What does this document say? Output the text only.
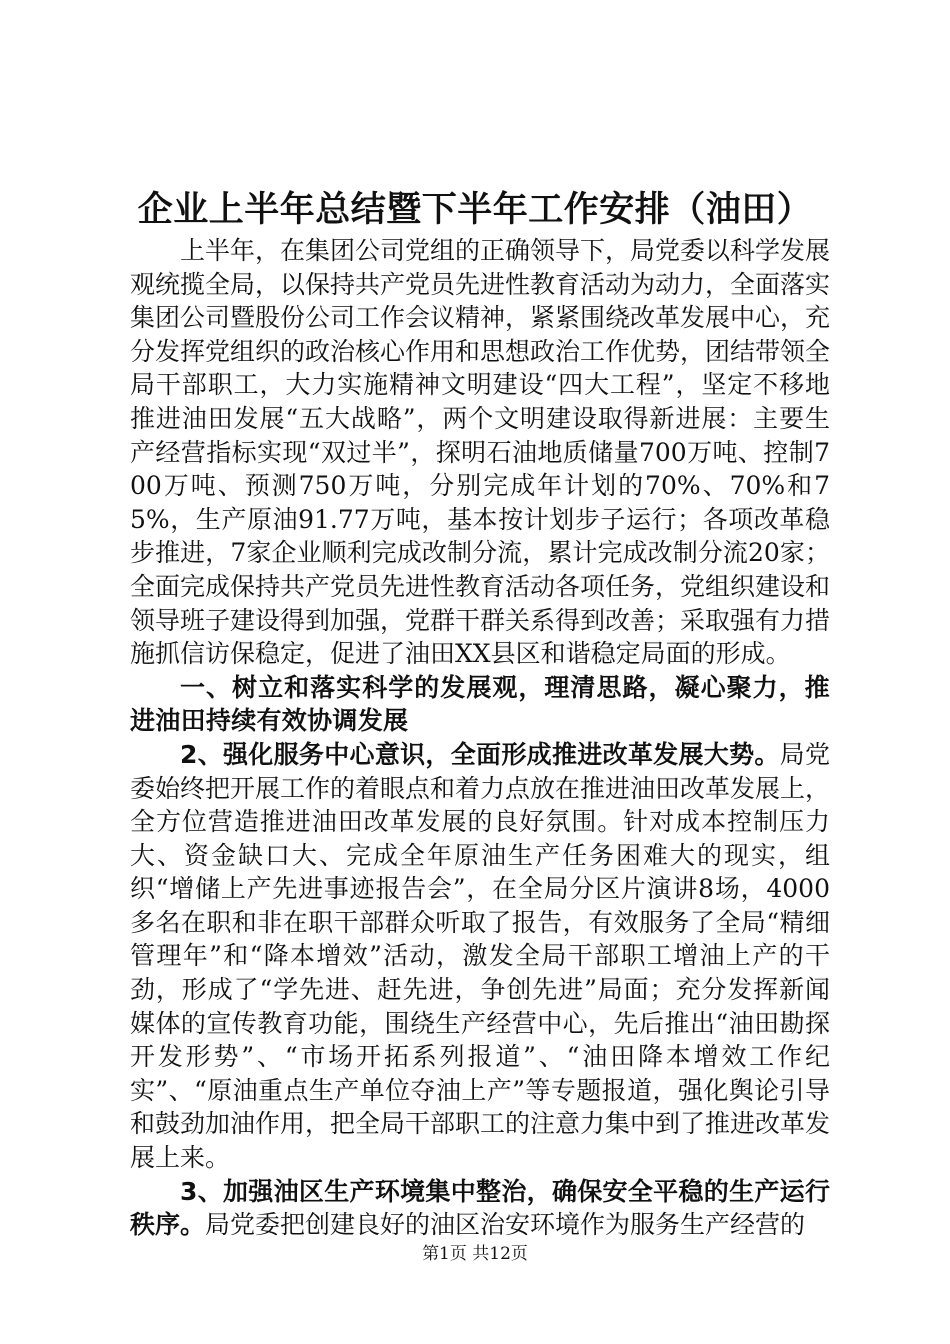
企业上半年总结暨下半年工作安排（油田）

上半年，在集团公司党组的正确领导下，局党委以科学发展观统揽全局，以保持共产党员先进性教育活动为动力，全面落实集团公司暨股份公司工作会议精神，紧紧围绕改革发展中心，充分发挥党组织的政治核心作用和思想政治工作优势，团结带领全局干部职工，大力实施精神文明建设“四大工程”，坚定不移地推进油田发展“五大战略”，两个文明建设取得新进展：主要生产经营指标实现“双过半”，探明石油地质储量700万吨、控制700万吨、预测750万吨，分别完成年计划的70%、70%和75%，生产原油91.77万吨，基本按计划步子运行；各项改革稳步推进，7家企业顺利完成改制分流，累计完成改制分流20家；全面完成保持共产党员先进性教育活动各项任务，党组织建设和领导班子建设得到加强，党群干群关系得到改善；采取强有力措施抓信访保稳定，促进了油田XX县区和谐稳定局面的形成。

一、树立和落实科学的发展观，理清思路，凝心聚力，推进油田持续有效协调发展

2、强化服务中心意识，全面形成推进改革发展大势。局党委始终把开展工作的着眼点和着力点放在推进油田改革发展上，全方位营造推进油田改革发展的良好氛围。针对成本控制压力大、资金缺口大、完成全年原油生产任务困难大的现实，组织“增储上产先进事迹报告会”，在全局分区片演讲8场，4000多名在职和非在职干部群众听取了报告，有效服务了全局“精细管理年”和“降本增效”活动，激发全局干部职工增油上产的干劲，形成了“学先进、赶先进，争创先进”局面；充分发挥新闻媒体的宣传教育功能，围绕生产经营中心，先后推出“油田勘探开发形势”、“市场开拓系列报道”、“油田降本增效工作纪实”、“原油重点生产单位夺油上产”等专题报道，强化舆论引导和鼓劲加油作用，把全局干部职工的注意力集中到了推进改革发展上来。

3、加强油区生产环境集中整治，确保安全平稳的生产运行秩序。局党委把创建良好的油区治安环境作为服务生产经营的

第1页 共12页
